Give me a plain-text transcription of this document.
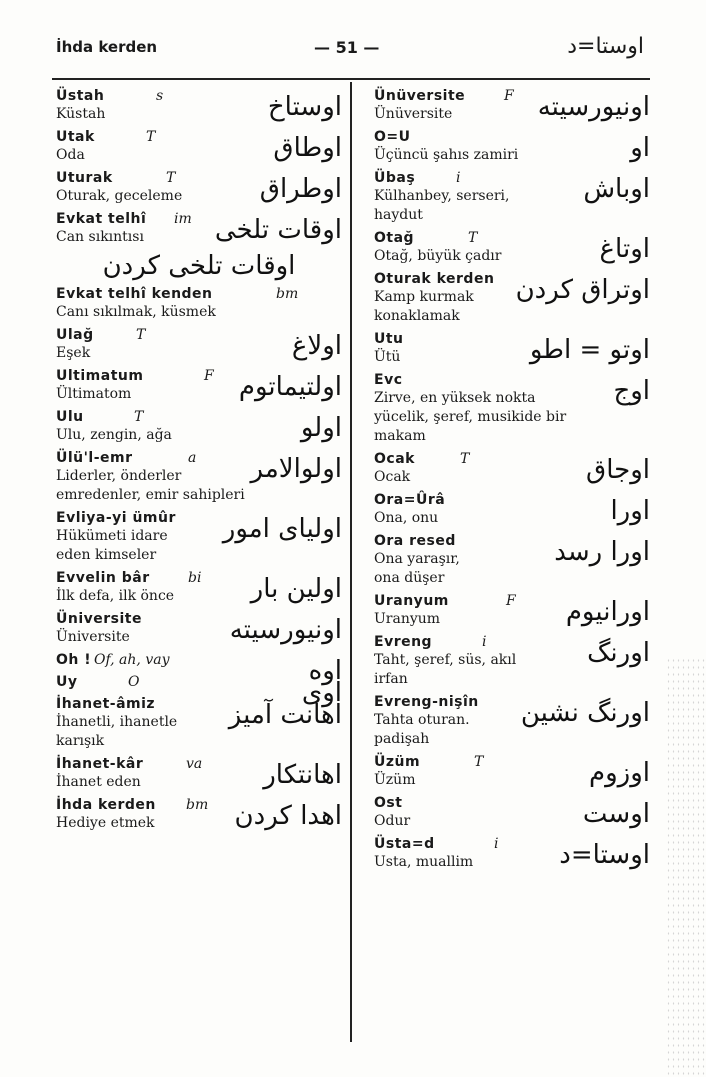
İhda kerden	— 51 —	اوستا=د
Üstah	s
Küstah	اوستاخ
Utak	T
Oda	اوطاق
Uturak	T
Oturak, geceleme	اوطراق
Evkat telhî	im
Can sıkıntısı	اوقات تلخی
اوقات تلخی کردن
Evkat telhî kenden	bm
Canı sıkılmak, küsmek
Ulağ	T
Eşek	اولاغ
Ultimatum	F
Ültimatom	اولتیماتوم
Ulu	T
Ulu, zengin, ağa	اولو
Ülü'l-emr	a
Liderler, önderler
emredenler, emir sahipleri
اولوالامر
Evliya-yi ümûr
Hükümeti idare
eden kimseler
اولیای امور
Evvelin bâr	bi
İlk defa, ilk önce	اولین بار
Üniversite
Üniversite	اونیورسیته
Oh ! Of, ah, vay	اوه
Uy	O	اوی
İhanet-âmiz
İhanetli, ihanetle
karışık
اهانت آمیز
İhanet-kâr	va
İhanet eden	اهانتکار
İhda kerden	bm
Hediye etmek	اهدا کردن
Ünüversite	F
Ünüversite	اونیورسیته
O=U
Üçüncü şahıs zamiri	او
Übaş	i
Külhanbey, serseri,
haydut
اوباش
Otağ	T
Otağ, büyük çadır	اوتاغ
Oturak kerden
Kamp kurmak
konaklamak
اوتراق کردن
Utu
Ütü	اوتو = اطو
Evc
Zirve, en yüksek nokta
yücelik, şeref, musikide bir
makam
اوج
Ocak	T
Ocak	اوجاق
Ora=Ûrâ
Ona, onu	اورا
Ora resed
Ona yaraşır,
ona düşer
اورا رسد
Uranyum	F
Uranyum	اورانیوم
Evreng	i
Taht, şeref, süs, akıl
irfan
اورنگ
Evreng-nişîn
Tahta oturan.
padişah
اورنگ نشین
Üzüm	T
Üzüm	اوزوم
Ost
Odur	اوست
Üsta=d	i
Usta, muallim	اوستا=د
